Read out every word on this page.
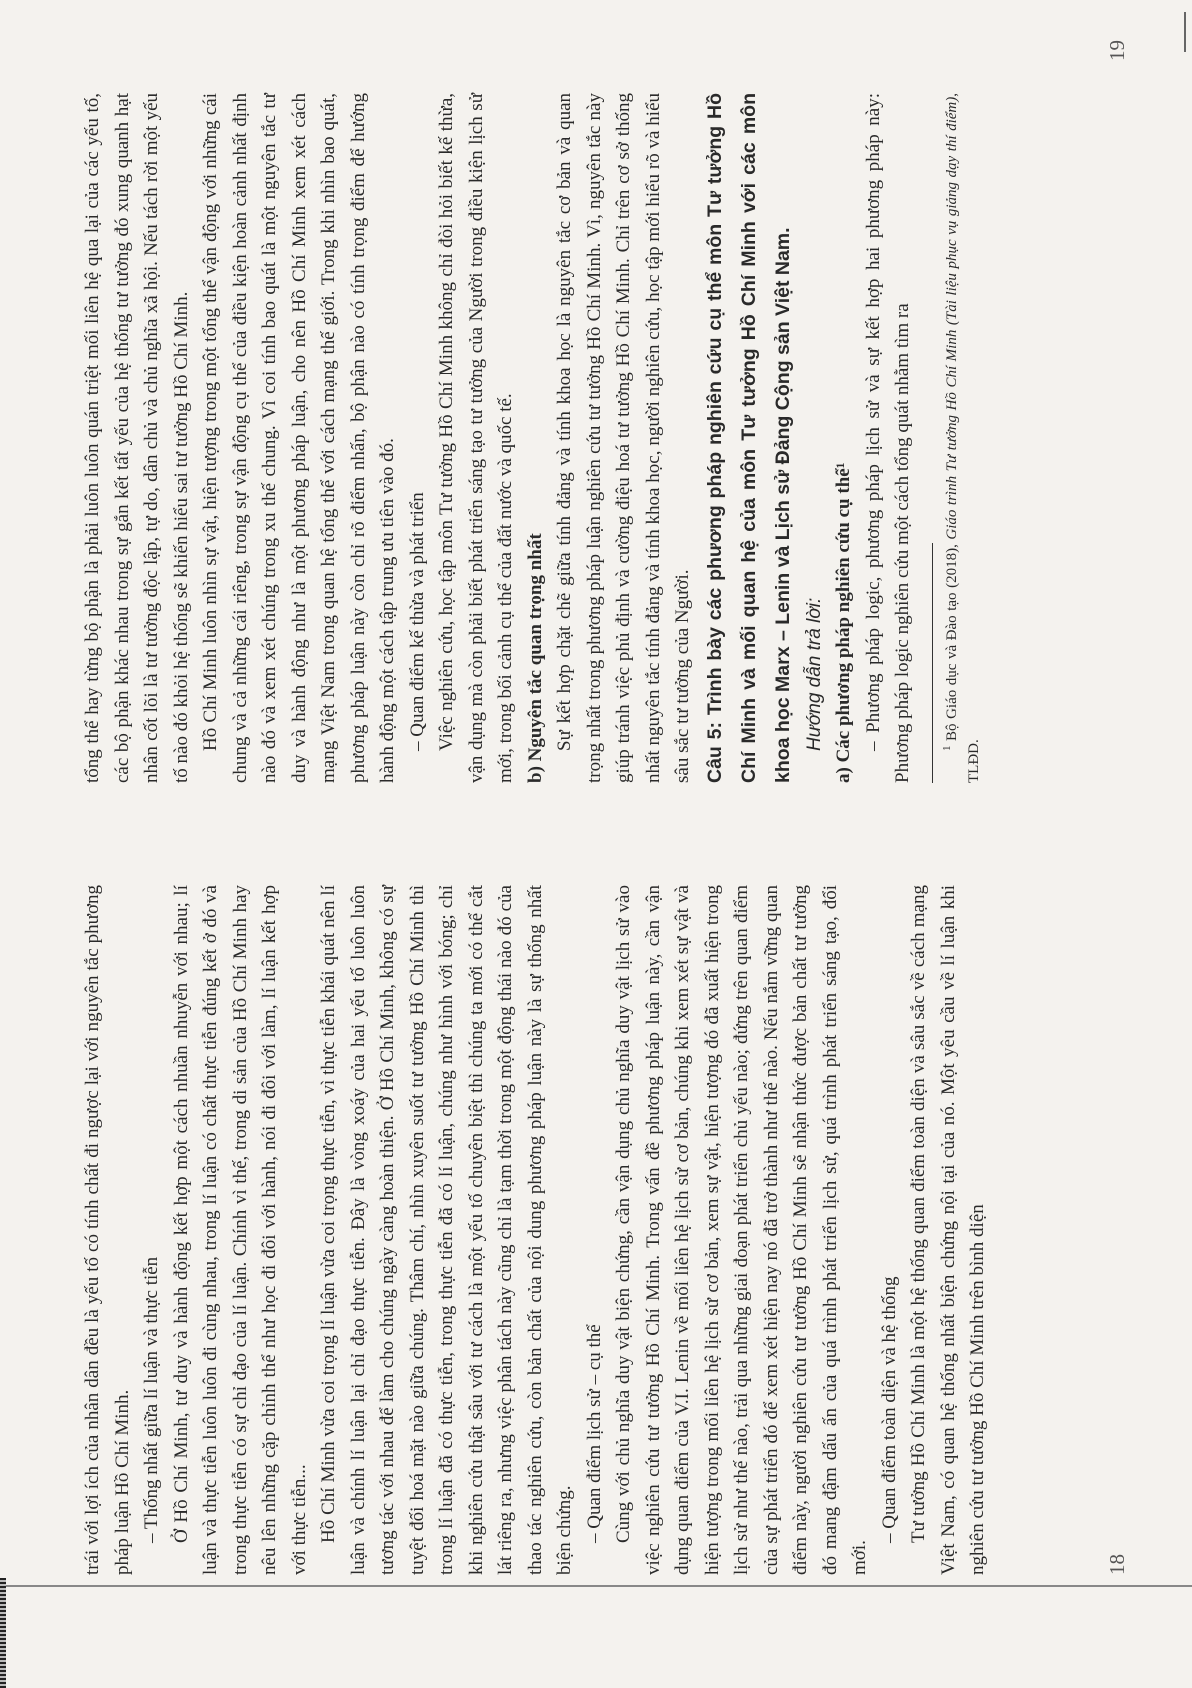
trái với lợi ích của nhân dân đều là yếu tố có tính chất đi ngược lại với nguyên tắc phương pháp luận Hồ Chí Minh. – Thống nhất giữa lí luận và thực tiễn Ở Hồ Chí Minh, tư duy và hành động kết hợp một cách nhuần nhuyễn với nhau; lí luận và thực tiễn luôn luôn đi cùng nhau, trong lí luận có chất thực tiễn đúng kết ở đó và trong thực tiễn có sự chỉ đạo của lí luận. Chính vì thế, trong di sản của Hồ Chí Minh hay nêu lên những cặp chỉnh thể như học đi đôi với hành, nói đi đôi với làm, lí luận kết hợp với thực tiễn... Hồ Chí Minh vừa coi trọng lí luận vừa coi trọng thực tiễn, vì thực tiễn khái quát nên lí luận và chính lí luận lại chỉ đạo thực tiễn. Đây là vòng xoáy của hai yếu tố luôn luôn tương tác với nhau để làm cho chúng ngày càng hoàn thiện. Ở Hồ Chí Minh, không có sự tuyệt đối hoá mặt nào giữa chúng. Thâm chí, nhìn xuyên suốt tư tưởng Hồ Chí Minh thì trong lí luận đã có thực tiễn, trong thực tiễn đã có lí luận, chúng như hình với bóng; chỉ khi nghiên cứu thật sâu với tư cách là một yếu tố chuyên biệt thì chúng ta mới có thể cắt lát riêng ra, nhưng việc phân tách này cũng chỉ là tạm thời trong một động thái nào đó của thao tác nghiên cứu, còn bản chất của nội dung phương pháp luận này là sự thống nhất biện chứng. – Quan điểm lịch sử – cụ thể Cùng với chủ nghĩa duy vật biện chứng, cần vận dụng chủ nghĩa duy vật lịch sử vào việc nghiên cứu tư tưởng Hồ Chí Minh. Trong vấn đề phương pháp luận này, cần vận dụng quan điểm của V.I. Lenin về mối liên hệ lịch sử cơ bản, chúng khi xem xét sự vật và hiện tượng trong mối liên hệ lịch sử cơ bản, xem sự vật, hiện tượng đó đã xuất hiện trong lịch sử như thế nào, trải qua những giai đoạn phát triển chủ yếu nào; đứng trên quan điểm của sự phát triển đó để xem xét hiện nay nó đã trở thành như thế nào. Nếu nắm vững quan điểm này, người nghiên cứu tư tưởng Hồ Chí Minh sẽ nhận thức được bản chất tư tưởng đó mang đậm dấu ấn của quá trình phát triển lịch sử, quá trình phát triển sáng tạo, đổi mới.

– Quan điểm toàn diện và hệ thống Tư tưởng Hồ Chí Minh là một hệ thống quan điểm toàn diện và sâu sắc về cách mạng Việt Nam, có quan hệ thống nhất biện chứng nội tại của nó. Một yêu cầu về lí luận khi nghiên cứu tư tưởng Hồ Chí Minh trên bình diện	18

tổng thể hay từng bộ phận là phải luôn luôn quán triệt mối liên hệ qua lại của các yếu tố, các bộ phận khác nhau trong sự gắn kết tất yếu của hệ thống tư tưởng đó xung quanh hạt nhân cốt lõi là tư tưởng độc lập, tự do, dân chủ và chủ nghĩa xã hội. Nếu tách rời một yếu tố nào đó khỏi hệ thống sẽ khiến hiểu sai tư tưởng Hồ Chí Minh. Hồ Chí Minh luôn nhìn sự vật, hiện tượng trong một tổng thể vận động với những cái chung và cả những cái riêng, trong sự vận động cụ thể của điều kiện hoàn cảnh nhất định nào đó và xem xét chúng trong xu thế chung. Vì coi tính bao quát là một nguyên tắc tư duy và hành động như là một phương pháp luận, cho nên Hồ Chí Minh xem xét cách mạng Việt Nam trong quan hệ tổng thể với cách mạng thế giới. Trong khi nhìn bao quát, phương pháp luận này còn chỉ rõ điểm nhấn, bộ phận nào có tính trọng điểm để hướng hành động một cách tập trung ưu tiên vào đó. – Quan điểm kế thừa và phát triển Việc nghiên cứu, học tập môn Tư tưởng Hồ Chí Minh không chỉ đòi hỏi biết kế thừa, vận dụng mà còn phải biết phát triển sáng tạo tư tưởng của Người trong điều kiện lịch sử mới, trong bối cảnh cụ thể của đất nước và quốc tế. b) Nguyên tắc quan trọng nhất Sự kết hợp chặt chẽ giữa tính đảng và tính khoa học là nguyên tắc cơ bản và quan trọng nhất trong phương pháp luận nghiên cứu tư tưởng Hồ Chí Minh. Vì, nguyên tắc này giúp tránh việc phủ định và cường điệu hoá tư tưởng Hồ Chí Minh. Chỉ trên cơ sở thống nhất nguyên tắc tính đảng và tính khoa học, người nghiên cứu, học tập mới hiểu rõ và hiểu sâu sắc tư tưởng của Người. Câu 5: Trình bày các phương pháp nghiên cứu cụ thể môn Tư tưởng Hồ Chí Minh và mối quan hệ của môn Tư tưởng Hồ Chí Minh với các môn khoa học Marx – Lenin và Lịch sử Đảng Cộng sản Việt Nam. Hướng dẫn trả lời: a) Các phương pháp nghiên cứu cụ thể¹ – Phương pháp logic, phương pháp lịch sử và sự kết hợp hai phương pháp này: Phương pháp logic nghiên cứu một cách tổng quát nhằm tìm ra	$^1$ Bộ Giáo dục và Đào tạo (2018), Giáo trình Tư tưởng Hồ Chí Minh (Tài liệu phục vụ giảng dạy thí điểm), TLĐD.

19
